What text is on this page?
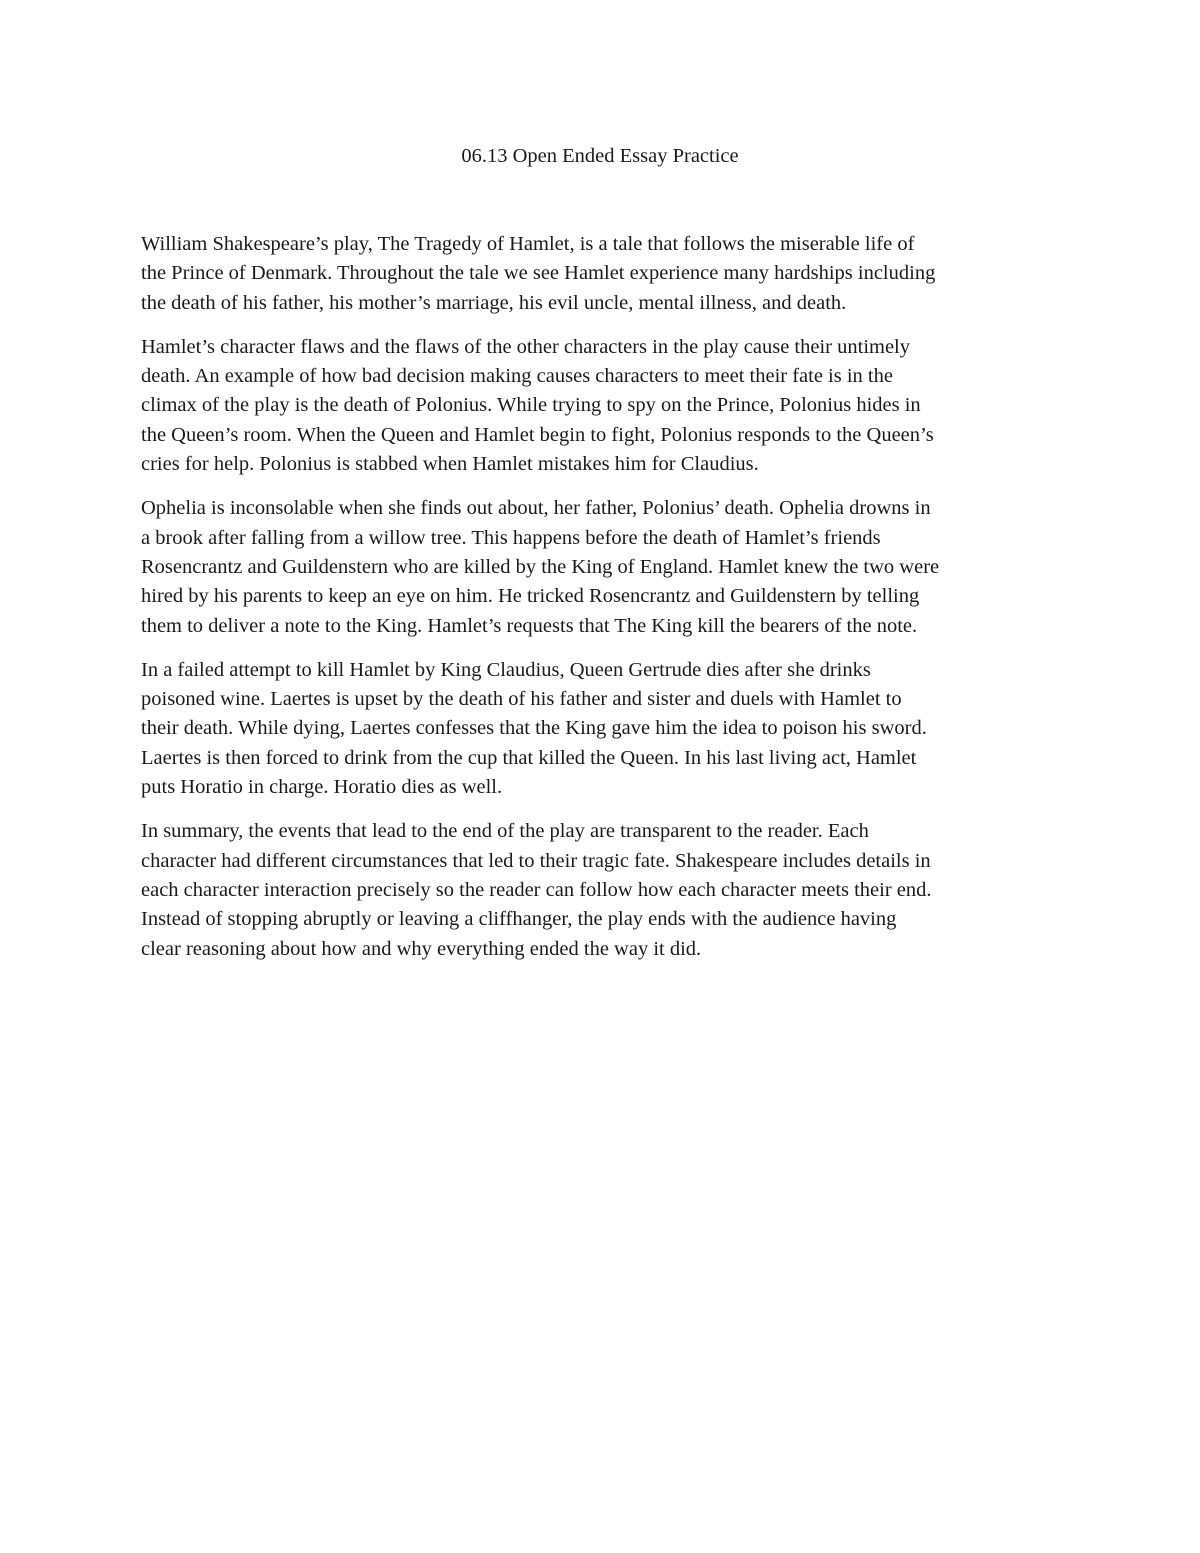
06.13 Open Ended Essay Practice

William Shakespeare’s play, The Tragedy of Hamlet, is a tale that follows the miserable life of
the Prince of Denmark. Throughout the tale we see Hamlet experience many hardships including
the death of his father, his mother’s marriage, his evil uncle, mental illness, and death.

Hamlet’s character flaws and the flaws of the other characters in the play cause their untimely
death. An example of how bad decision making causes characters to meet their fate is in the
climax of the play is the death of Polonius. While trying to spy on the Prince, Polonius hides in
the Queen’s room. When the Queen and Hamlet begin to fight, Polonius responds to the Queen’s
cries for help. Polonius is stabbed when Hamlet mistakes him for Claudius.

Ophelia is inconsolable when she finds out about, her father, Polonius’ death. Ophelia drowns in
a brook after falling from a willow tree. This happens before the death of Hamlet’s friends
Rosencrantz and Guildenstern who are killed by the King of England. Hamlet knew the two were
hired by his parents to keep an eye on him. He tricked Rosencrantz and Guildenstern by telling
them to deliver a note to the King. Hamlet’s requests that The King kill the bearers of the note.

In a failed attempt to kill Hamlet by King Claudius, Queen Gertrude dies after she drinks
poisoned wine. Laertes is upset by the death of his father and sister and duels with Hamlet to
their death. While dying, Laertes confesses that the King gave him the idea to poison his sword.
Laertes is then forced to drink from the cup that killed the Queen. In his last living act, Hamlet
puts Horatio in charge. Horatio dies as well.

In summary, the events that lead to the end of the play are transparent to the reader. Each
character had different circumstances that led to their tragic fate. Shakespeare includes details in
each character interaction precisely so the reader can follow how each character meets their end.
Instead of stopping abruptly or leaving a cliffhanger, the play ends with the audience having
clear reasoning about how and why everything ended the way it did.
